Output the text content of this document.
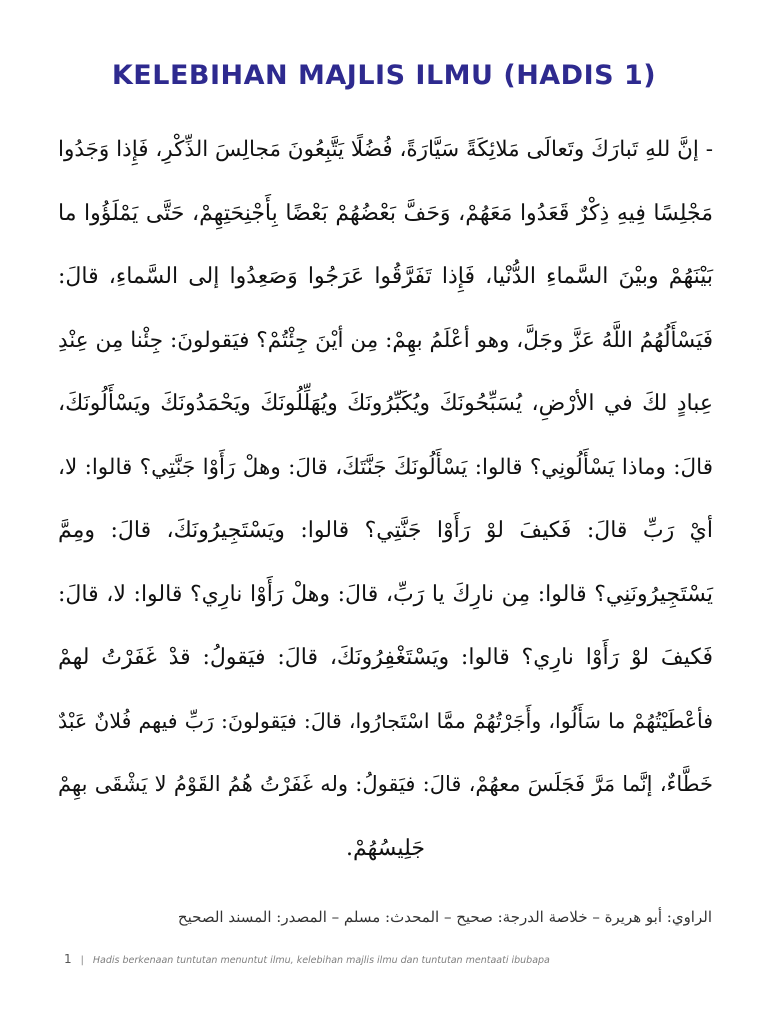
KELEBIHAN MAJLIS ILMU (HADIS 1)
- إنَّ للهِ تَبارَكَ وتَعالَى مَلائِكَةً سَيَّارَةً، فُضُلًا يَتَّبِعُونَ مَجالِسَ الذِّكْرِ، فَإِذا وَجَدُوا
مَجْلِسًا فِيهِ ذِكْرٌ قَعَدُوا مَعَهُمْ، وَحَفَّ بَعْضُهُمْ بَعْضًا بِأَجْنِحَتِهِمْ، حَتَّى يَمْلَؤُوا ما
بَيْنَهُمْ وبيْنَ السَّماءِ الدُّنْيا، فَإِذا تَفَرَّقُوا عَرَجُوا وَصَعِدُوا إلى السَّماءِ، قالَ:
فَيَسْأَلُهُمُ اللَّهُ عَزَّ وجَلَّ، وهو أعْلَمُ بهِمْ: مِن أيْنَ جِئْتُمْ؟ فيَقولونَ: جِئْنا مِن عِنْدِ
عِبادٍ لكَ في الأرْضِ، يُسَبِّحُونَكَ ويُكَبِّرُونَكَ ويُهَلِّلُونَكَ ويَحْمَدُونَكَ ويَسْأَلُونَكَ،
قالَ: وماذا يَسْأَلُونِي؟ قالوا: يَسْأَلُونَكَ جَنَّتَكَ، قالَ: وهلْ رَأَوْا جَنَّتِي؟ قالوا: لا،
أيْ رَبِّ قالَ: فَكيفَ لوْ رَأَوْا جَنَّتِي؟ قالوا: ويَسْتَجِيرُونَكَ، قالَ: ومِمَّ
يَسْتَجِيرُونَنِي؟ قالوا: مِن نارِكَ يا رَبِّ، قالَ: وهلْ رَأَوْا نارِي؟ قالوا: لا، قالَ:
فَكيفَ لوْ رَأَوْا نارِي؟ قالوا: ويَسْتَغْفِرُونَكَ، قالَ: فيَقولُ: قدْ غَفَرْتُ لهمْ
فأعْطَيْتُهُمْ ما سَأَلُوا، وأَجَرْتُهُمْ ممَّا اسْتَجارُوا، قالَ: فيَقولونَ: رَبِّ فيهم فُلانٌ عَبْدٌ
خَطَّاءٌ، إنَّما مَرَّ فَجَلَسَ معهُمْ، قالَ: فيَقولُ: وله غَفَرْتُ هُمُ القَوْمُ لا يَشْقَى بهِمْ
جَلِيسُهُمْ.
الراوي: أبو هريرة – خلاصة الدرجة: صحيح – المحدث: مسلم – المصدر: المسند الصحيح
1 | Hadis berkenaan tuntutan menuntut ilmu, kelebihan majlis ilmu dan tuntutan mentaati ibubapa
